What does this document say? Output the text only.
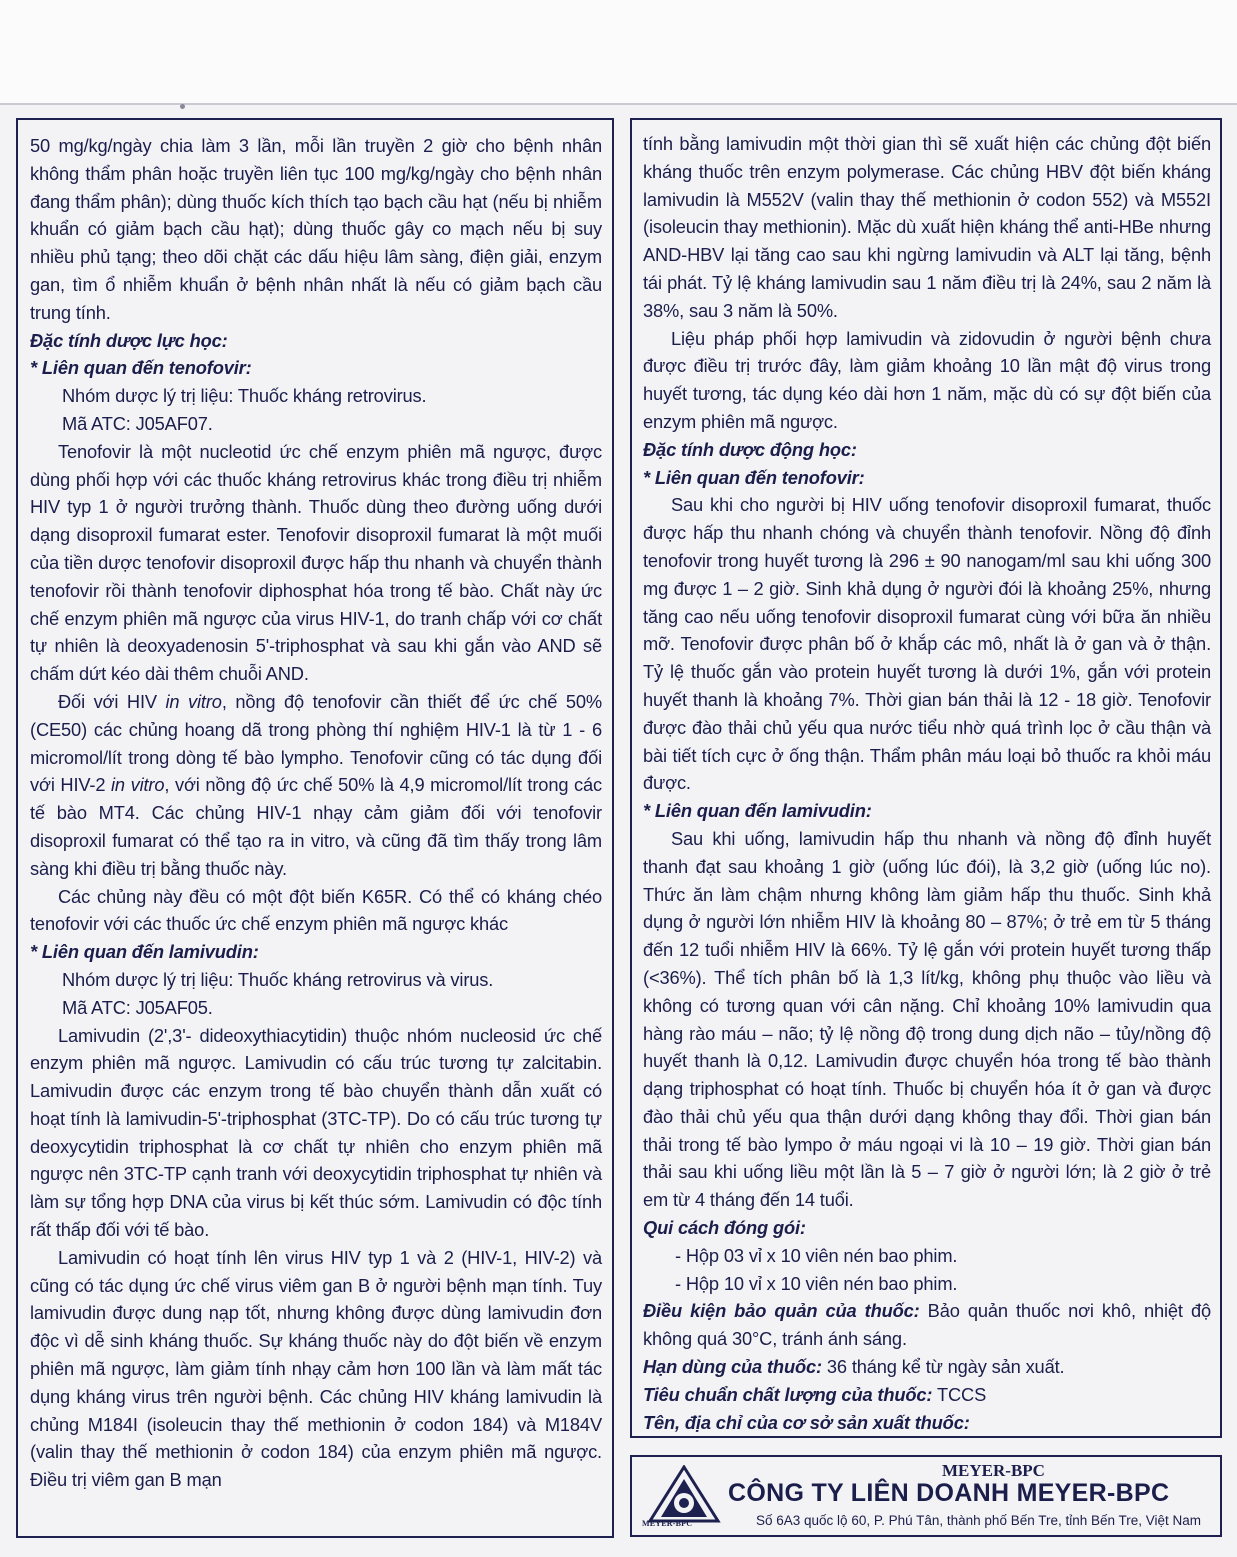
50 mg/kg/ngày chia làm 3 lần, mỗi lần truyền 2 giờ cho bệnh nhân không thẩm phân hoặc truyền liên tục 100 mg/kg/ngày cho bệnh nhân đang thẩm phân); dùng thuốc kích thích tạo bạch cầu hạt (nếu bị nhiễm khuẩn có giảm bạch cầu hạt); dùng thuốc gây co mạch nếu bị suy nhiều phủ tạng; theo dõi chặt các dấu hiệu lâm sàng, điện giải, enzym gan, tìm ổ nhiễm khuẩn ở bệnh nhân nhất là nếu có giảm bạch cầu trung tính.

Đặc tính dược lực học:

* Liên quan đến tenofovir:

Nhóm dược lý trị liệu: Thuốc kháng retrovirus.

Mã ATC: J05AF07.

Tenofovir là một nucleotid ức chế enzym phiên mã ngược, được dùng phối hợp với các thuốc kháng retrovirus khác trong điều trị nhiễm HIV typ 1 ở người trưởng thành. Thuốc dùng theo đường uống dưới dạng disoproxil fumarat ester. Tenofovir disoproxil fumarat là một muối của tiền dược tenofovir disoproxil được hấp thu nhanh và chuyển thành tenofovir rồi thành tenofovir diphosphat hóa trong tế bào. Chất này ức chế enzym phiên mã ngược của virus HIV-1, do tranh chấp với cơ chất tự nhiên là deoxyadenosin 5'-triphosphat và sau khi gắn vào AND sẽ chấm dứt kéo dài thêm chuỗi AND.

Đối với HIV in vitro, nồng độ tenofovir cần thiết để ức chế 50% (CE50) các chủng hoang dã trong phòng thí nghiệm HIV-1 là từ 1 - 6 micromol/lít trong dòng tế bào lympho. Tenofovir cũng có tác dụng đối với HIV-2 in vitro, với nồng độ ức chế 50% là 4,9 micromol/lít trong các tế bào MT4. Các chủng HIV-1 nhạy cảm giảm đối với tenofovir disoproxil fumarat có thể tạo ra in vitro, và cũng đã tìm thấy trong lâm sàng khi điều trị bằng thuốc này.

Các chủng này đều có một đột biến K65R. Có thể có kháng chéo tenofovir với các thuốc ức chế enzym phiên mã ngược khác

* Liên quan đến lamivudin:

Nhóm dược lý trị liệu: Thuốc kháng retrovirus và virus.

Mã ATC: J05AF05.

Lamivudin (2',3'- dideoxythiacytidin) thuộc nhóm nucleosid ức chế enzym phiên mã ngược. Lamivudin có cấu trúc tương tự zalcitabin. Lamivudin được các enzym trong tế bào chuyển thành dẫn xuất có hoạt tính là lamivudin-5'-triphosphat (3TC-TP). Do có cấu trúc tương tự deoxycytidin triphosphat là cơ chất tự nhiên cho enzym phiên mã ngược nên 3TC-TP cạnh tranh với deoxycytidin triphosphat tự nhiên và làm sự tổng hợp DNA của virus bị kết thúc sớm. Lamivudin có độc tính rất thấp đối với tế bào.

Lamivudin có hoạt tính lên virus HIV typ 1 và 2 (HIV-1, HIV-2) và cũng có tác dụng ức chế virus viêm gan B ở người bệnh mạn tính. Tuy lamivudin được dung nạp tốt, nhưng không được dùng lamivudin đơn độc vì dễ sinh kháng thuốc. Sự kháng thuốc này do đột biến về enzym phiên mã ngược, làm giảm tính nhạy cảm hơn 100 lần và làm mất tác dụng kháng virus trên người bệnh. Các chủng HIV kháng lamivudin là chủng M184I (isoleucin thay thế methionin ở codon 184) và M184V (valin thay thế methionin ở codon 184) của enzym phiên mã ngược. Điều trị viêm gan B mạn

tính bằng lamivudin một thời gian thì sẽ xuất hiện các chủng đột biến kháng thuốc trên enzym polymerase. Các chủng HBV đột biến kháng lamivudin là M552V (valin thay thế methionin ở codon 552) và M552I (isoleucin thay methionin). Mặc dù xuất hiện kháng thể anti-HBe nhưng AND-HBV lại tăng cao sau khi ngừng lamivudin và ALT lại tăng, bệnh tái phát. Tỷ lệ kháng lamivudin sau 1 năm điều trị là 24%, sau 2 năm là 38%, sau 3 năm là 50%.

Liệu pháp phối hợp lamivudin và zidovudin ở người bệnh chưa được điều trị trước đây, làm giảm khoảng 10 lần mật độ virus trong huyết tương, tác dụng kéo dài hơn 1 năm, mặc dù có sự đột biến của enzym phiên mã ngược.

Đặc tính dược động học:

* Liên quan đến tenofovir:

Sau khi cho người bị HIV uống tenofovir disoproxil fumarat, thuốc được hấp thu nhanh chóng và chuyển thành tenofovir. Nồng độ đỉnh tenofovir trong huyết tương là 296 ± 90 nanogam/ml sau khi uống 300 mg được 1 – 2 giờ. Sinh khả dụng ở người đói là khoảng 25%, nhưng tăng cao nếu uống tenofovir disoproxil fumarat cùng với bữa ăn nhiều mỡ. Tenofovir được phân bố ở khắp các mô, nhất là ở gan và ở thận. Tỷ lệ thuốc gắn vào protein huyết tương là dưới 1%, gắn với protein huyết thanh là khoảng 7%. Thời gian bán thải là 12 - 18 giờ. Tenofovir được đào thải chủ yếu qua nước tiểu nhờ quá trình lọc ở cầu thận và bài tiết tích cực ở ống thận. Thẩm phân máu loại bỏ thuốc ra khỏi máu được.

* Liên quan đến lamivudin:

Sau khi uống, lamivudin hấp thu nhanh và nồng độ đỉnh huyết thanh đạt sau khoảng 1 giờ (uống lúc đói), là 3,2 giờ (uống lúc no). Thức ăn làm chậm nhưng không làm giảm hấp thu thuốc. Sinh khả dụng ở người lớn nhiễm HIV là khoảng 80 – 87%; ở trẻ em từ 5 tháng đến 12 tuổi nhiễm HIV là 66%. Tỷ lệ gắn với protein huyết tương thấp (<36%). Thể tích phân bố là 1,3 lít/kg, không phụ thuộc vào liều và không có tương quan với cân nặng. Chỉ khoảng 10% lamivudin qua hàng rào máu – não; tỷ lệ nồng độ trong dung dịch não – tủy/nồng độ huyết thanh là 0,12. Lamivudin được chuyển hóa trong tế bào thành dạng triphosphat có hoạt tính. Thuốc bị chuyển hóa ít ở gan và được đào thải chủ yếu qua thận dưới dạng không thay đổi. Thời gian bán thải trong tế bào lympo ở máu ngoại vi là 10 – 19 giờ. Thời gian bán thải sau khi uống liều một lần là 5 – 7 giờ ở người lớn; là 2 giờ ở trẻ em từ 4 tháng đến 14 tuổi.

Qui cách đóng gói:

- Hộp 03 vỉ x 10 viên nén bao phim.

- Hộp 10 vỉ x 10 viên nén bao phim.

Điều kiện bảo quản của thuốc: Bảo quản thuốc nơi khô, nhiệt độ không quá 30°C, tránh ánh sáng.

Hạn dùng của thuốc: 36 tháng kể từ ngày sản xuất.

Tiêu chuẩn chất lượng của thuốc: TCCS

Tên, địa chỉ của cơ sở sản xuất thuốc:

MEYER-BPC
MEYER-BPC
CÔNG TY LIÊN DOANH MEYER-BPC
Số 6A3 quốc lộ 60, P. Phú Tân, thành phố Bến Tre, tỉnh Bến Tre, Việt Nam
